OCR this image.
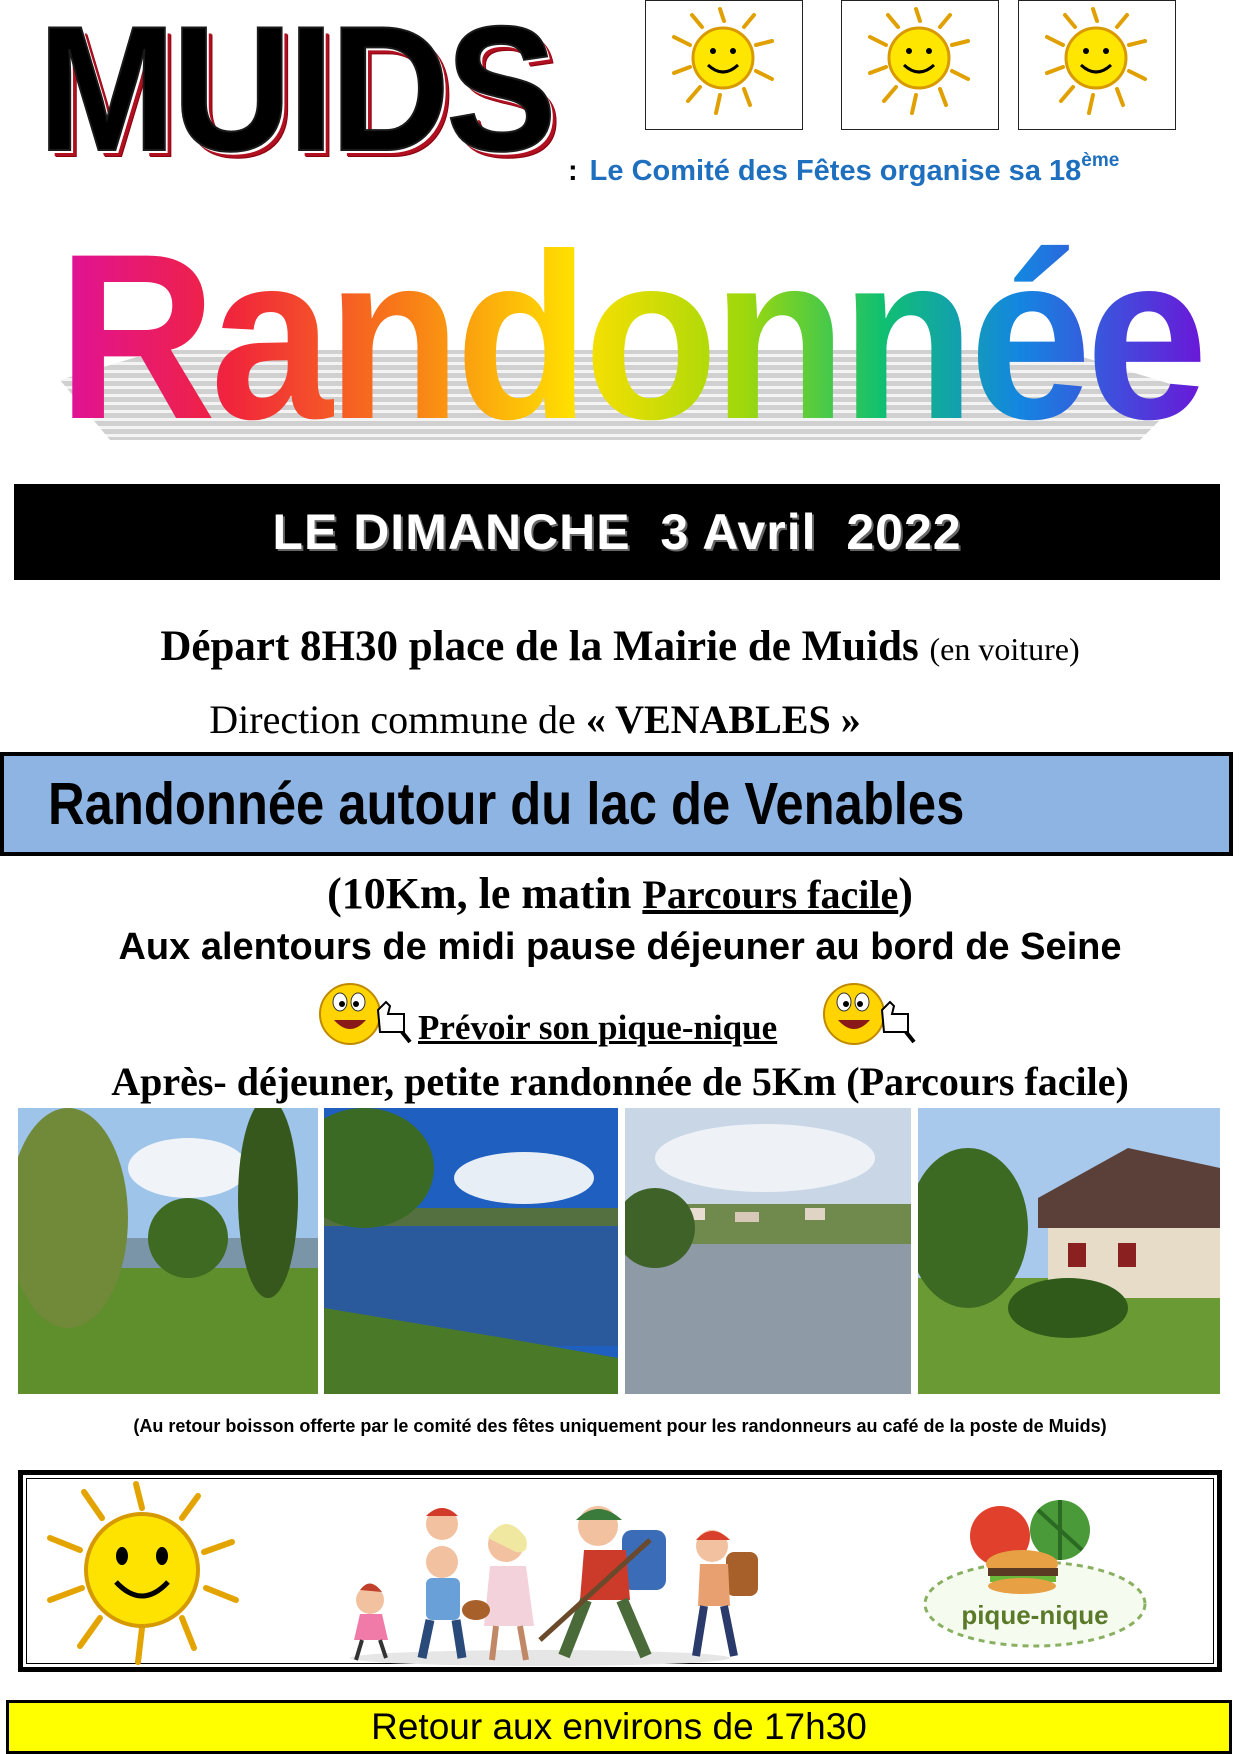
MUIDS : Le Comité des Fêtes organise sa 18ème
Randonnée
LE DIMANCHE  3 Avril  2022
Départ 8H30 place de la Mairie de Muids (en voiture)
Direction commune de « VENABLES »
Randonnée autour du lac de Venables
(10Km, le matin Parcours facile)
Aux alentours de midi pause déjeuner au bord de Seine
Prévoir son pique-nique
Après- déjeuner, petite randonnée de 5Km (Parcours facile)
(Au retour boisson offerte par le comité des fêtes uniquement pour les randonneurs au café de la poste de Muids)
pique-nique
Retour aux environs de 17h30
